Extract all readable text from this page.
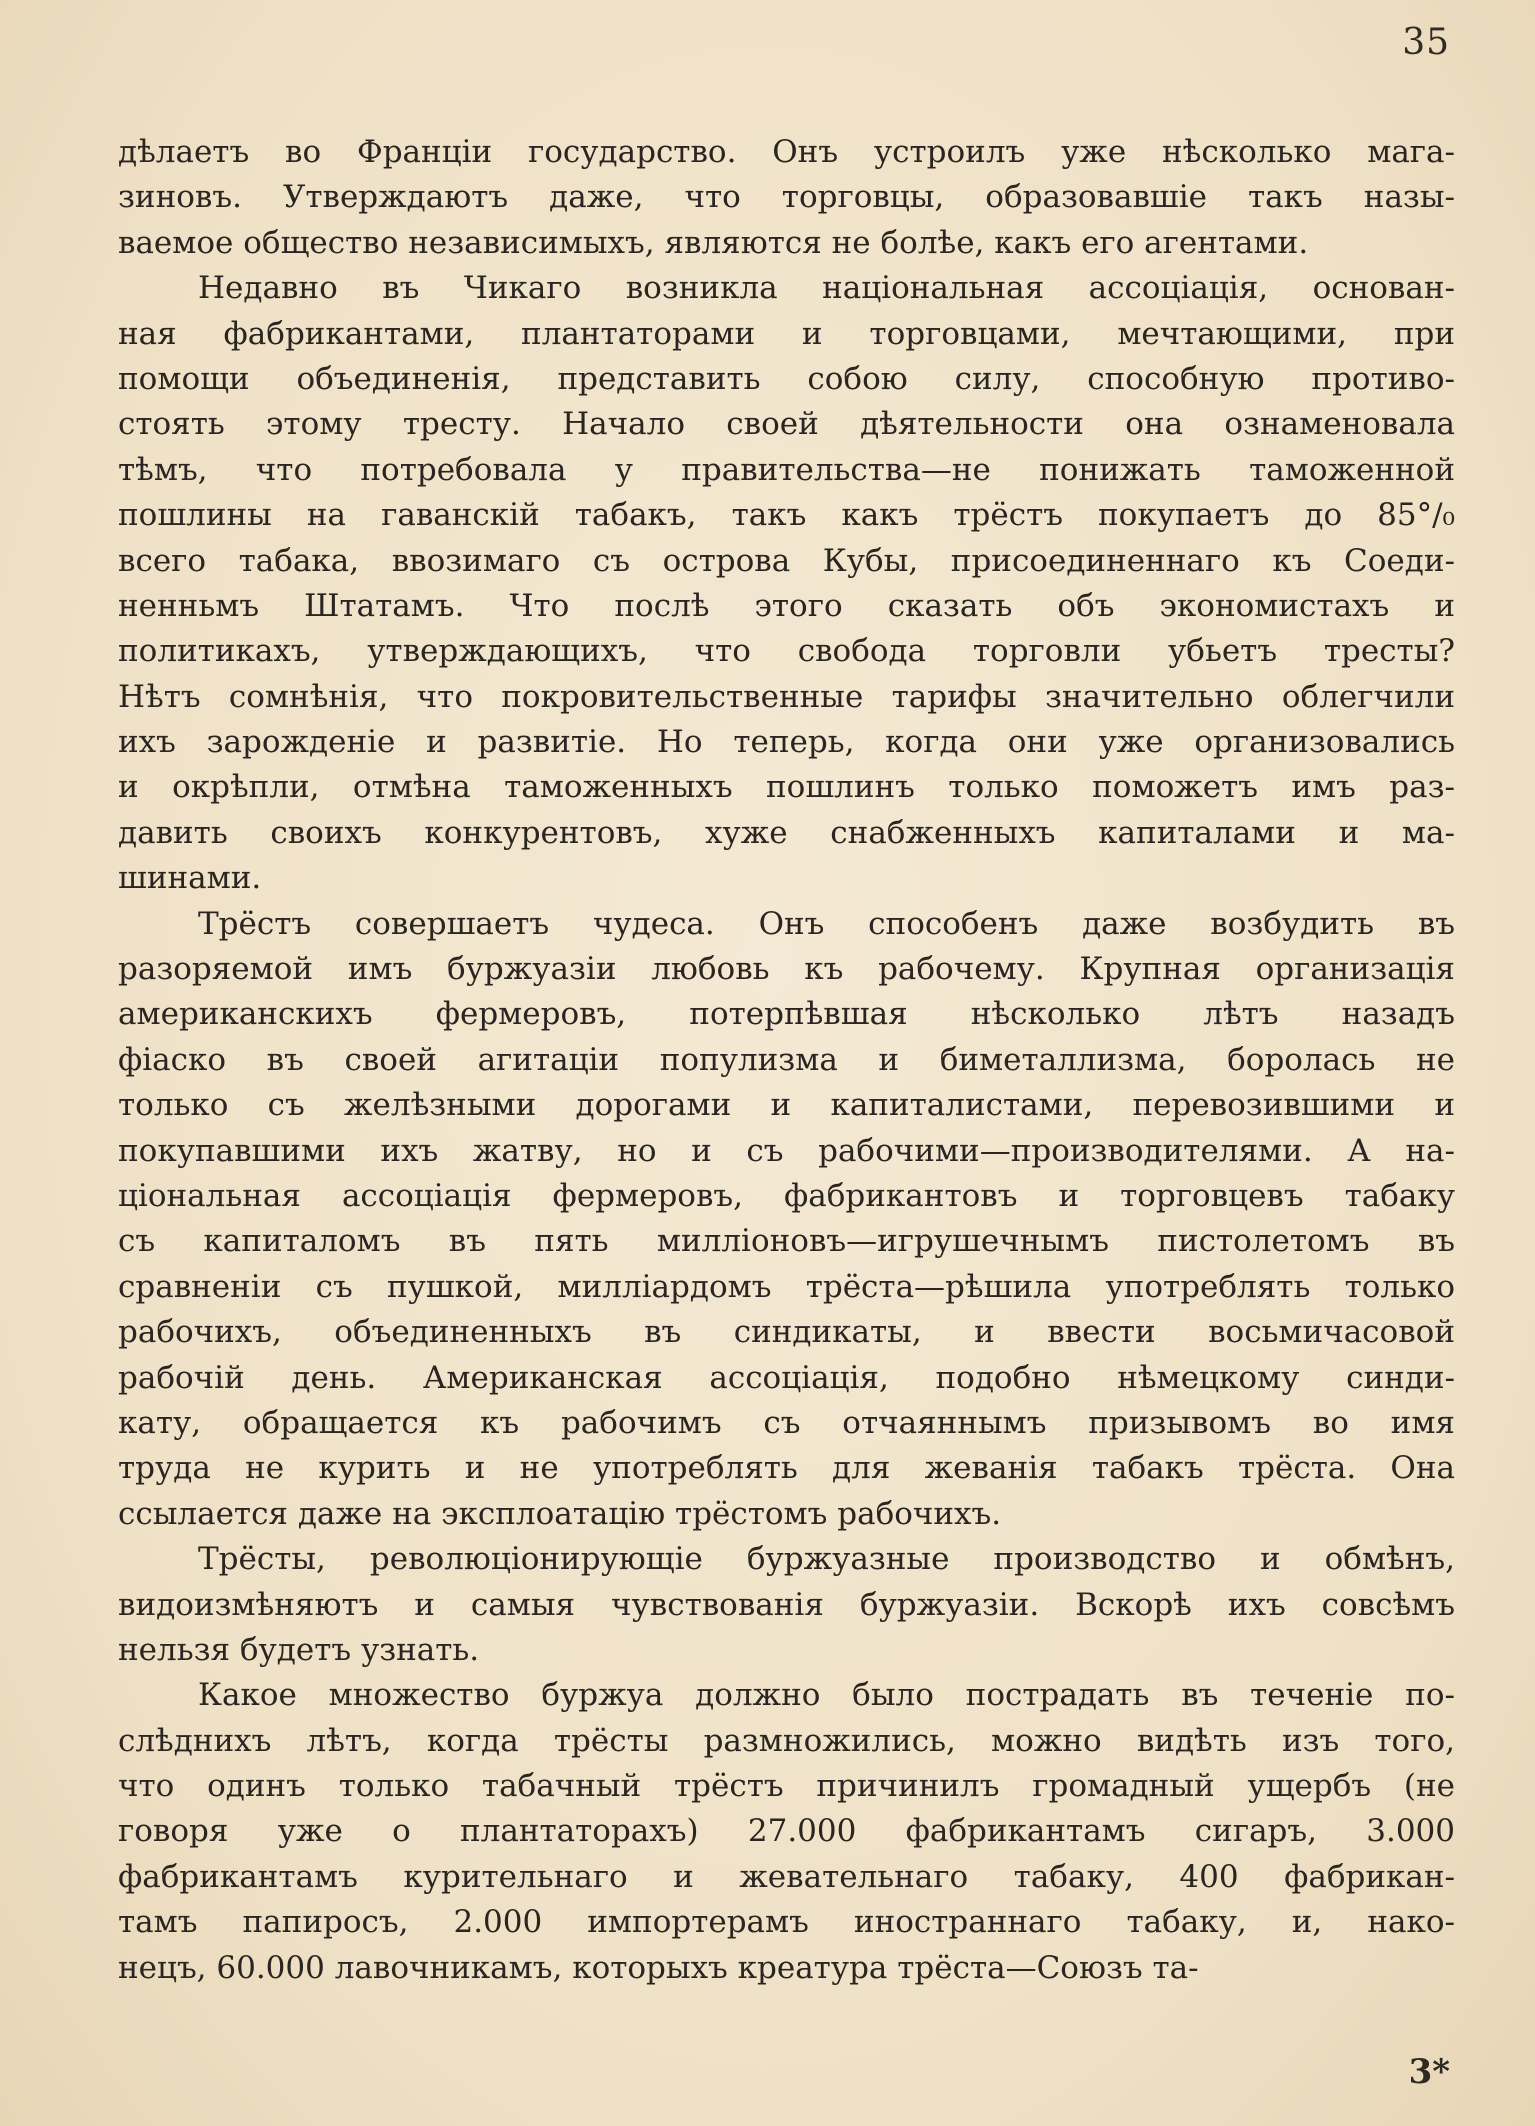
35
дѣлаетъ во Франціи государство. Онъ устроилъ уже нѣсколько мага-
зиновъ. Утверждаютъ даже, что торговцы, образовавшіе такъ назы-
ваемое общество независимыхъ, являются не болѣе, какъ его агентами.
Недавно въ Чикаго возникла національная ассоціація, основан-
ная фабрикантами, плантаторами и торговцами, мечтающими, при
помощи объединенія, представить собою силу, способную противо-
стоять этому тресту. Начало своей дѣятельности она ознаменовала
тѣмъ, что потребовала у правительства—не понижать таможенной
пошлины на гаванскій табакъ, такъ какъ трёстъ покупаетъ до 85°/₀
всего табака, ввозимаго съ острова Кубы, присоединеннаго къ Соеди-
ненньмъ Штатамъ. Что послѣ этого сказать объ экономистахъ и
политикахъ, утверждающихъ, что свобода торговли убьетъ тресты?
Нѣтъ сомнѣнія, что покровительственные тарифы значительно облегчили
ихъ зарожденіе и развитіе. Но теперь, когда они уже организовались
и окрѣпли, отмѣна таможенныхъ пошлинъ только поможетъ имъ раз-
давить своихъ конкурентовъ, хуже снабженныхъ капиталами и ма-
шинами.
Трёстъ совершаетъ чудеса. Онъ способенъ даже возбудить въ
разоряемой имъ буржуазіи любовь къ рабочему. Крупная организація
американскихъ фермеровъ, потерпѣвшая нѣсколько лѣтъ назадъ
фіаско въ своей агитаціи популизма и биметаллизма, боролась не
только съ желѣзными дорогами и капиталистами, перевозившими и
покупавшими ихъ жатву, но и съ рабочими—производителями. А на-
ціональная ассоціація фермеровъ, фабрикантовъ и торговцевъ табаку
съ капиталомъ въ пять милліоновъ—игрушечнымъ пистолетомъ въ
сравненіи съ пушкой, милліардомъ трёста—рѣшила употреблять только
рабочихъ, объединенныхъ въ синдикаты, и ввести восьмичасовой
рабочій день. Американская ассоціація, подобно нѣмецкому синди-
кату, обращается къ рабочимъ съ отчаяннымъ призывомъ во имя
труда не курить и не употреблять для жеванія табакъ трёста. Она
ссылается даже на эксплоатацію трёстомъ рабочихъ.
Трёсты, революціонирующіе буржуазные производство и обмѣнъ,
видоизмѣняютъ и самыя чувствованія буржуазіи. Вскорѣ ихъ совсѣмъ
нельзя будетъ узнать.
Какое множество буржуа должно было пострадать въ теченіе по-
слѣднихъ лѣтъ, когда трёсты размножились, можно видѣть изъ того,
что одинъ только табачный трёстъ причинилъ громадный ущербъ (не
говоря уже о плантаторахъ) 27.000 фабрикантамъ сигаръ, 3.000
фабрикантамъ курительнаго и жевательнаго табаку, 400 фабрикан-
тамъ папиросъ, 2.000 импортерамъ иностраннаго табаку, и, нако-
нецъ, 60.000 лавочникамъ, которыхъ креатура трёста—Союзъ та-
3*
